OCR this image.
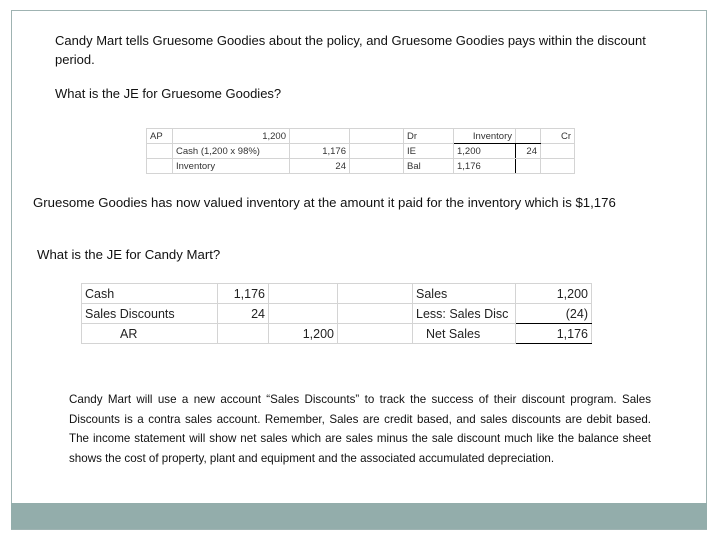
Candy Mart tells Gruesome Goodies about the policy, and Gruesome Goodies pays within the discount
period.
What is the JE for Gruesome Goodies?
AP	1,200			Dr	Inventory		Cr
	Cash (1,200 x 98%)	1,176		IE	1,200	24	
	Inventory	24		Bal	1,176		
Gruesome Goodies has now valued inventory at the amount it paid for the inventory which is $1,176
What is the JE for Candy Mart?
Cash	1,176			Sales	1,200
Sales Discounts	24			Less: Sales Disc	(24)
AR		1,200		Net Sales	1,176
Candy Mart will use a new account “Sales Discounts” to track the success of their discount program. Sales Discounts is a contra sales account. Remember, Sales are credit based, and sales discounts are debit based. The income statement will show net sales which are sales minus the sale discount much like the balance sheet shows the cost of property, plant and equipment and the associated accumulated depreciation.
